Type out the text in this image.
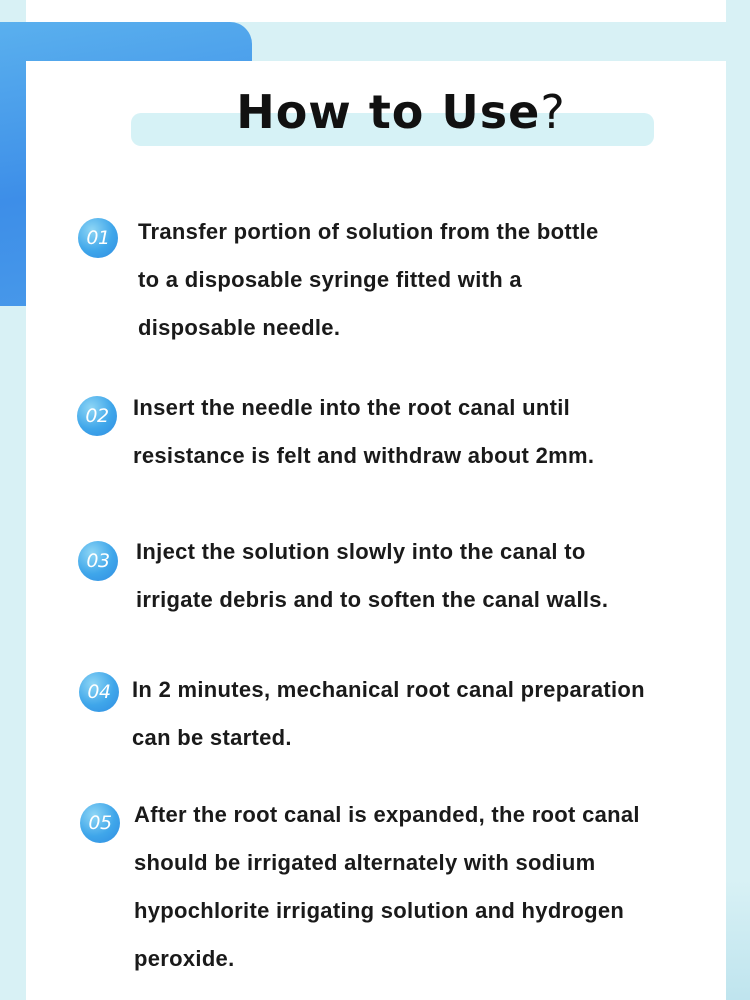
How to Use?
01	Transfer portion of solution from the bottle
to a disposable syringe fitted with a
disposable needle.

02	Insert the needle into the root canal until
resistance is felt and withdraw about 2mm.

03	Inject the solution slowly into the canal to
irrigate debris and to soften the canal walls.

04 In 2 minutes, mechanical root canal preparation
can be started.

05	After the root canal is expanded, the root canal
should be irrigated alternately with sodium
hypochlorite irrigating solution and hydrogen
peroxide.
